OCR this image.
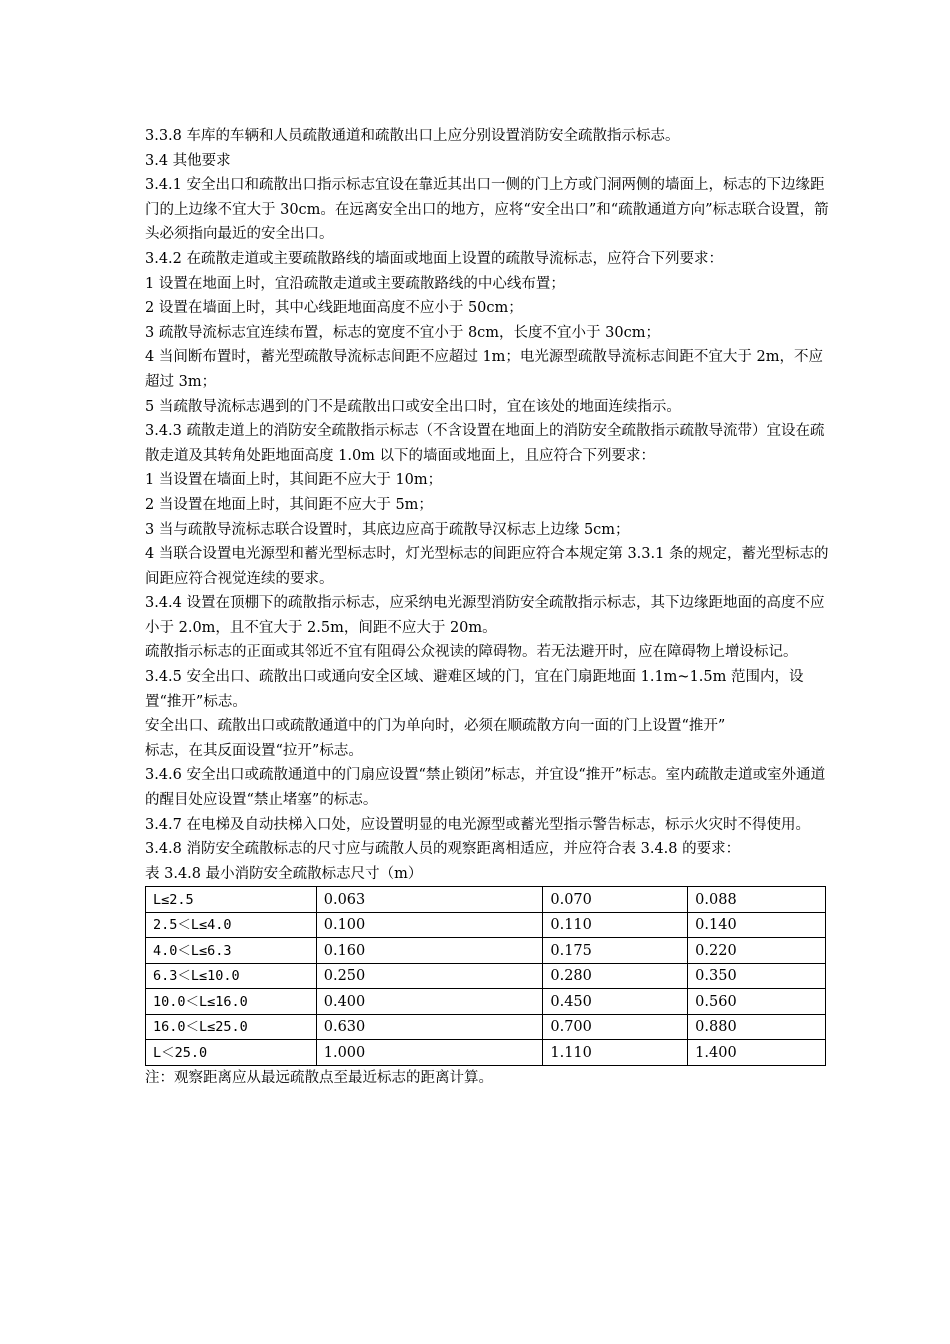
3.3.8 车库的车辆和人员疏散通道和疏散出口上应分别设置消防安全疏散指示标志。

3.4 其他要求

3.4.1 安全出口和疏散出口指示标志宜设在靠近其出口一侧的门上方或门洞两侧的墙面上，标志的下边缘距门的上边缘不宜大于 30cm。在远离安全出口的地方，应将“安全出口”和“疏散通道方向”标志联合设置，箭头必须指向最近的安全出口。

3.4.2 在疏散走道或主要疏散路线的墙面或地面上设置的疏散导流标志，应符合下列要求：

1 设置在地面上时，宜沿疏散走道或主要疏散路线的中心线布置；

2 设置在墙面上时，其中心线距地面高度不应小于 50cm；

3 疏散导流标志宜连续布置，标志的宽度不宜小于 8cm，长度不宜小于 30cm；

4 当间断布置时，蓄光型疏散导流标志间距不应超过 1m；电光源型疏散导流标志间距不宜大于 2m，不应超过 3m；

5 当疏散导流标志遇到的门不是疏散出口或安全出口时，宜在该处的地面连续指示。

3.4.3 疏散走道上的消防安全疏散指示标志（不含设置在地面上的消防安全疏散指示疏散导流带）宜设在疏散走道及其转角处距地面高度 1.0m 以下的墙面或地面上，且应符合下列要求：

1 当设置在墙面上时，其间距不应大于 10m；

2 当设置在地面上时，其间距不应大于 5m；

3 当与疏散导流标志联合设置时，其底边应高于疏散导汉标志上边缘 5cm；

4 当联合设置电光源型和蓄光型标志时，灯光型标志的间距应符合本规定第 3.3.1 条的规定，蓄光型标志的间距应符合视觉连续的要求。

3.4.4 设置在顶棚下的疏散指示标志，应采纳电光源型消防安全疏散指示标志，其下边缘距地面的高度不应小于 2.0m，且不宜大于 2.5m，间距不应大于 20m。

疏散指示标志的正面或其邻近不宜有阻碍公众视读的障碍物。若无法避开时，应在障碍物上增设标记。

3.4.5 安全出口、疏散出口或通向安全区域、避难区域的门，宜在门扇距地面 1.1m~1.5m 范围内，设置“推开”标志。

安全出口、疏散出口或疏散通道中的门为单向时，必须在顺疏散方向一面的门上设置“推开”

标志，在其反面设置“拉开”标志。

3.4.6 安全出口或疏散通道中的门扇应设置“禁止锁闭”标志，并宜设“推开”标志。室内疏散走道或室外通道的醒目处应设置“禁止堵塞”的标志。

3.4.7 在电梯及自动扶梯入口处，应设置明显的电光源型或蓄光型指示警告标志，标示火灾时不得使用。

3.4.8 消防安全疏散标志的尺寸应与疏散人员的观察距离相适应，并应符合表 3.4.8 的要求：

表 3.4.8 最小消防安全疏散标志尺寸（m）

L≤2.5	0.063	0.070	0.088
2.5＜L≤4.0	0.100	0.110	0.140
4.0＜L≤6.3	0.160	0.175	0.220
6.3＜L≤10.0	0.250	0.280	0.350
10.0＜L≤16.0	0.400	0.450	0.560
16.0＜L≤25.0	0.630	0.700	0.880
L＜25.0	1.000	1.110	1.400

注：观察距离应从最远疏散点至最近标志的距离计算。
